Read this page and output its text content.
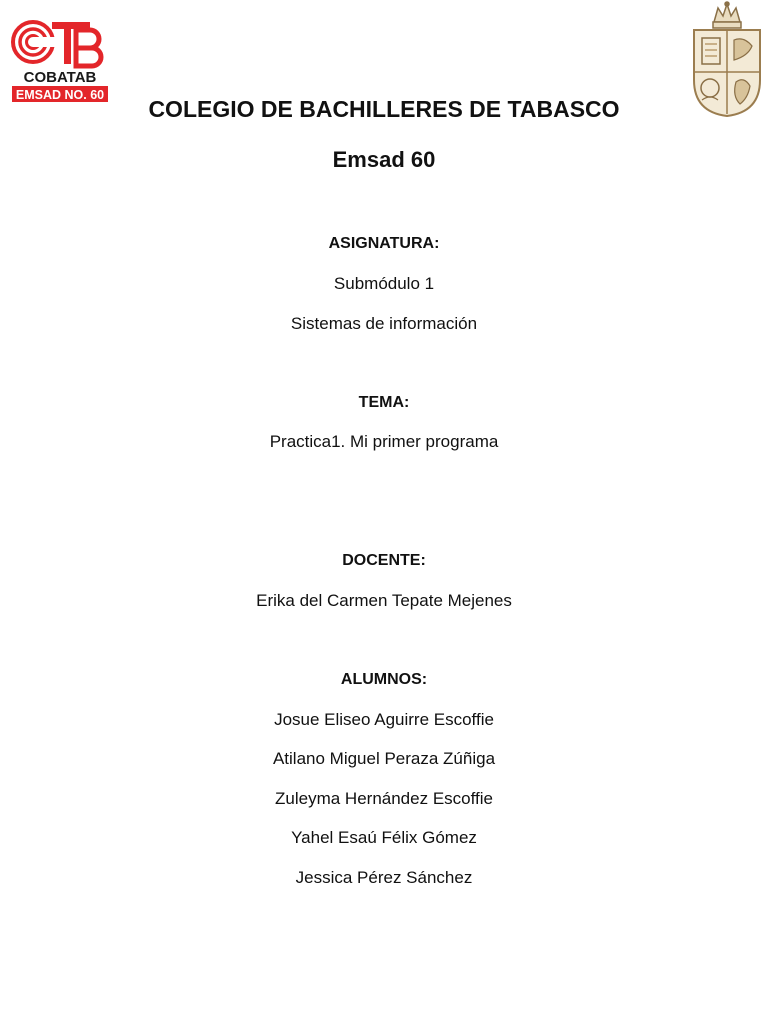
COBATAB
EMSAD NO. 60
COLEGIO DE BACHILLERES DE TABASCO
Emsad 60
ASIGNATURA:
Submódulo 1
Sistemas de información
TEMA:
Practica1. Mi primer programa
DOCENTE:
Erika del Carmen Tepate Mejenes
ALUMNOS:
Josue Eliseo Aguirre Escoffie
Atilano Miguel Peraza Zúñiga
Zuleyma Hernández Escoffie
Yahel Esaú Félix Gómez
Jessica Pérez Sánchez
